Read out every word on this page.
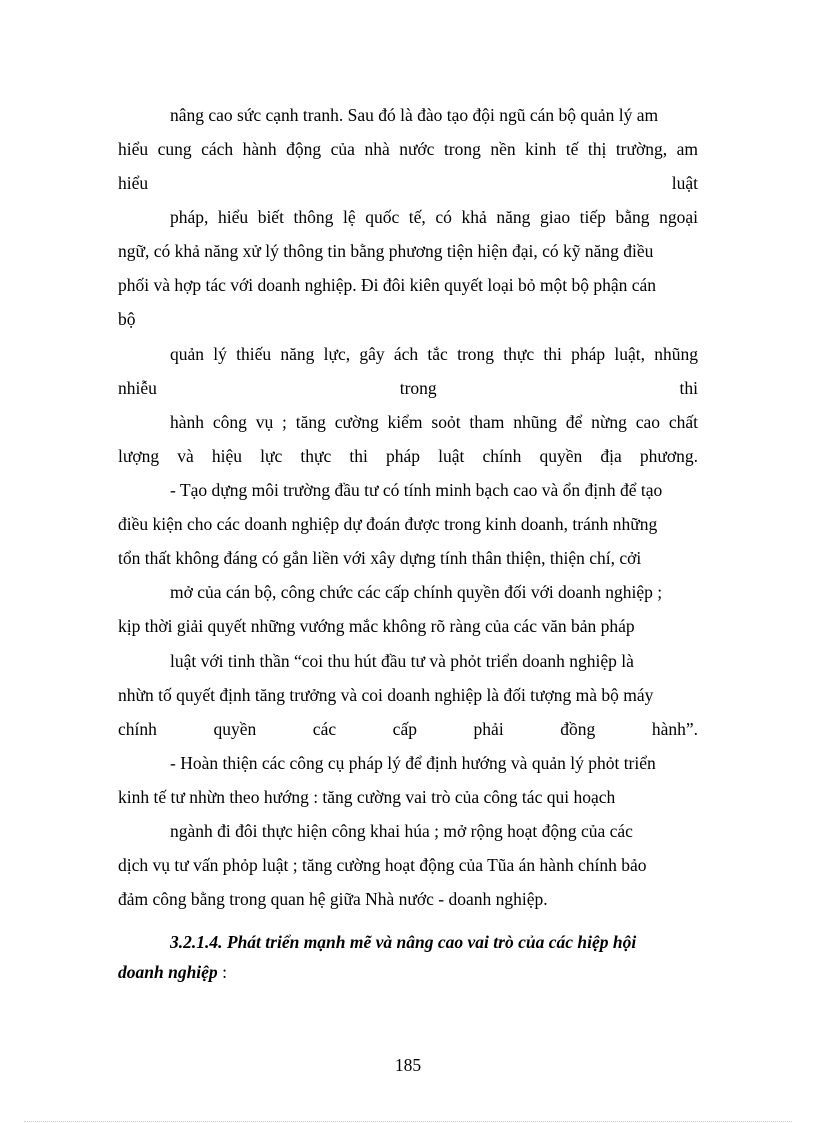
nâng cao sức cạnh tranh. Sau đó là đào tạo đội ngũ cán bộ quản lý am
hiểu cung cách hành động của nhà nước trong nền kinh tế thị trường, am
hiểu luật
pháp, hiểu biết thông lệ quốc tế, có khả năng giao tiếp bằng ngoại
ngữ, có khả năng xử lý thông tin bằng phương tiện hiện đại, có kỹ năng điều
phối và hợp tác với doanh nghiệp. Đi đôi kiên quyết loại bỏ một bộ phận cán
bộ
quản lý thiếu năng lực, gây ách tắc trong thực thi pháp luật, nhũng
nhiễu trong thi
hành công vụ ; tăng cường kiểm soỏt tham nhũng để nừng cao chất
lượng và hiệu lực thực thi pháp luật chính quyền địa phương.
- Tạo dựng môi trường đầu tư có tính minh bạch cao và ổn định để tạo
điều kiện cho các doanh nghiệp dự đoán được trong kinh doanh, tránh những
tổn thất không đáng có gắn liền với xây dựng tính thân thiện, thiện chí, cởi
mở của cán bộ, công chức các cấp chính quyền đối với doanh nghiệp ;
kịp thời giải quyết những vướng mắc không rõ ràng của các văn bản pháp
luật với tinh thần “coi thu hút đầu tư và phỏt triển doanh nghiệp là
nhừn tố quyết định tăng trưởng và coi doanh nghiệp là đối tượng mà bộ máy
chính quyền các cấp phải đồng hành”.
- Hoàn thiện các công cụ pháp lý để định hướng và quản lý phỏt triển
kinh tế tư nhừn theo hướng : tăng cường vai trò của công tác qui hoạch
ngành đi đôi thực hiện công khai húa ; mở rộng hoạt động của các
dịch vụ tư vấn phỏp luật ; tăng cường hoạt động của Tũa án hành chính bảo
đảm công bằng trong quan hệ giữa Nhà nước - doanh nghiệp.
3.2.1.4. Phát triển mạnh mẽ và nâng cao vai trò của các hiệp hội
doanh nghiệp :
185
